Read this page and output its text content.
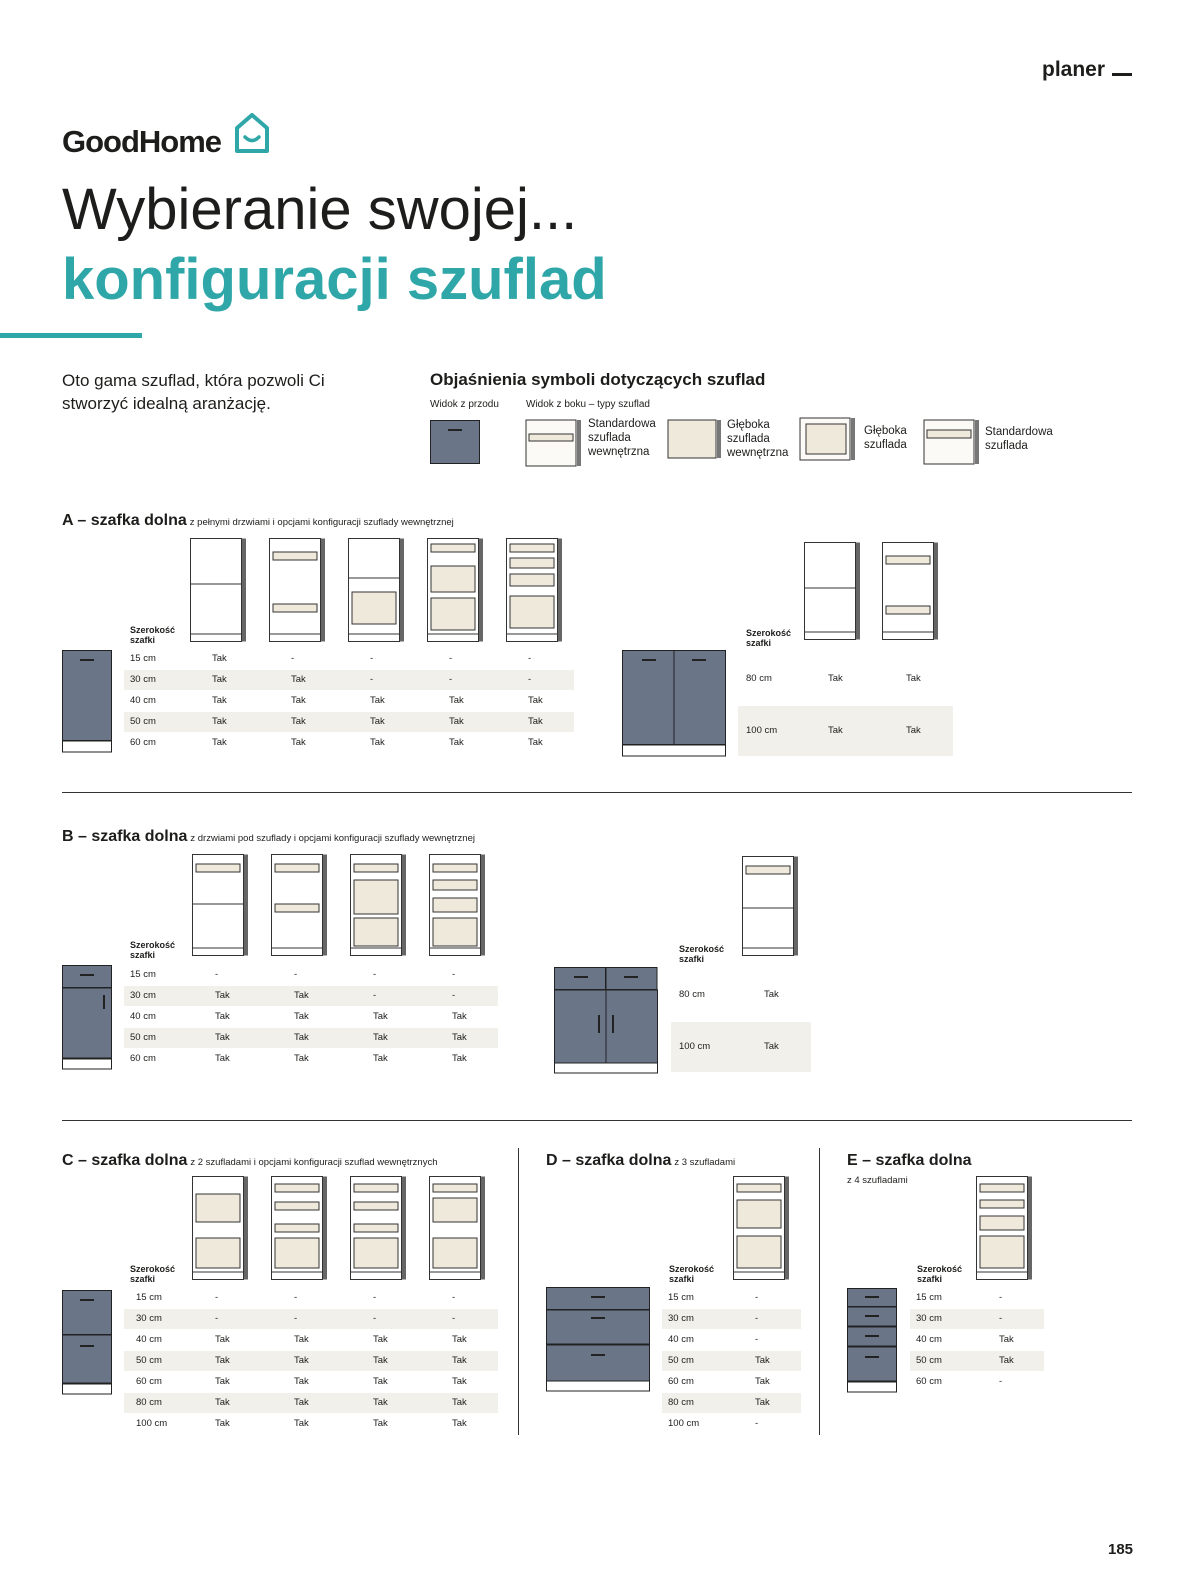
planer
GoodHome
Wybieranie swojej...
konfiguracji szuflad
Oto gama szuflad, która pozwoli Ci stworzyć idealną aranżację.
Objaśnienia symboli dotyczących szuflad
Widok z przodu	Widok z boku – typy szuflad
Standardowa szuflada wewnętrzna
Głęboka szuflada wewnętrzna
Głęboka szuflada
Standardowa szuflada
A – szafka dolna z pełnymi drzwiami i opcjami konfiguracji szuflady wewnętrznej
Szerokość szafki
15 cm	Tak	-	-	-	-
30 cm	Tak	Tak	-	-	-
40 cm	Tak	Tak	Tak	Tak	Tak
50 cm	Tak	Tak	Tak	Tak	Tak
60 cm	Tak	Tak	Tak	Tak	Tak
Szerokość szafki
80 cm	Tak	Tak
100 cm	Tak	Tak
B – szafka dolna z drzwiami pod szuflady i opcjami konfiguracji szuflady wewnętrznej
Szerokość szafki
15 cm	-	-	-	-
30 cm	Tak	Tak	-	-
40 cm	Tak	Tak	Tak	Tak
50 cm	Tak	Tak	Tak	Tak
60 cm	Tak	Tak	Tak	Tak
Szerokość szafki
80 cm	Tak
100 cm	Tak
C – szafka dolna z 2 szufladami i opcjami konfiguracji szuflad wewnętrznych
Szerokość szafki
15 cm	-	-	-	-
30 cm	-	-	-	-
40 cm	Tak	Tak	Tak	Tak
50 cm	Tak	Tak	Tak	Tak
60 cm	Tak	Tak	Tak	Tak
80 cm	Tak	Tak	Tak	Tak
100 cm	Tak	Tak	Tak	Tak
D – szafka dolna z 3 szufladami
Szerokość szafki
15 cm	-
30 cm	-
40 cm	-
50 cm	Tak
60 cm	Tak
80 cm	Tak
100 cm	-
E – szafka dolna
z 4 szufladami
Szerokość szafki
15 cm	-
30 cm	-
40 cm	Tak
50 cm	Tak
60 cm	-
185
